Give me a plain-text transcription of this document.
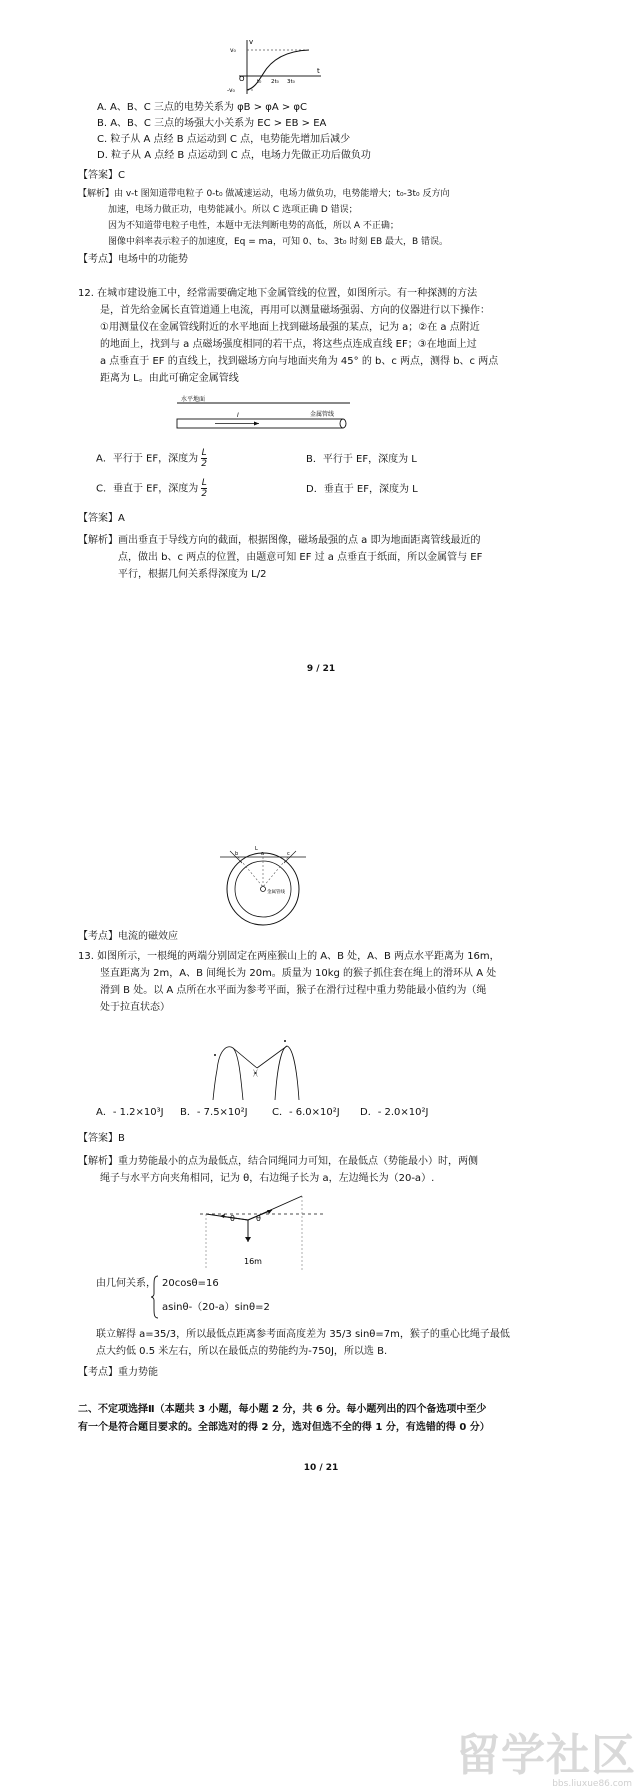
v₀
-v₀
v
t
O t₀ 2t₀ 3t₀
A. A、B、C 三点的电势关系为 φB > φA > φC
B. A、B、C 三点的场强大小关系为 EC > EB > EA
C. 粒子从 A 点经 B 点运动到 C 点，电势能先增加后减少
D. 粒子从 A 点经 B 点运动到 C 点，电场力先做正功后做负功
【答案】C
【解析】由 v-t 图知道带电粒子 0-t₀ 做减速运动，电场力做负功，电势能增大；t₀-3t₀ 反方向
加速，电场力做正功，电势能减小。所以 C 选项正确 D 错误；
因为不知道带电粒子电性，本题中无法判断电势的高低，所以 A 不正确；
图像中斜率表示粒子的加速度，Eq = ma，可知 0、t₀、3t₀ 时刻 EB 最大，B 错误。
【考点】电场中的功能势
12. 在城市建设施工中，经常需要确定地下金属管线的位置，如图所示。有一种探测的方法
是，首先给金属长直管道通上电流，再用可以测量磁场强弱、方向的仪器进行以下操作：
①用测量仪在金属管线附近的水平地面上找到磁场最强的某点，记为 a；②在 a 点附近
的地面上，找到与 a 点磁场强度相同的若干点，将这些点连成直线 EF；③在地面上过
a 点垂直于 EF 的直线上，找到磁场方向与地面夹角为 45° 的 b、c 两点，测得 b、c 两点
距离为 L。由此可确定金属管线
水平地面
金属管线
I
A．平行于 EF，深度为 $\frac{L}{2}$	B．平行于 EF，深度为 L
C．垂直于 EF，深度为 $\frac{L}{2}$	D．垂直于 EF，深度为 L
【答案】A
【解析】画出垂直于导线方向的截面，根据图像，磁场最强的点 a 即为地面距离管线最近的
点，做出 b、c 两点的位置，由题意可知 EF 过 a 点垂直于纸面，所以金属管与 EF
平行，根据几何关系得深度为 L/2
9 / 21
b	a	c
L
金属管线
【考点】电流的磁效应
13. 如图所示，一根绳的两端分别固定在两座猴山上的 A、B 处，A、B 两点水平距离为 16m，
竖直距离为 2m，A、B 间绳长为 20m。质量为 10kg 的猴子抓住套在绳上的滑环从 A 处
滑到 B 处。以 A 点所在水平面为参考平面，猴子在滑行过程中重力势能最小值约为（绳
处于拉直状态）
ᚸ
A．- 1.2×10³J B．- 7.5×10²J C．- 6.0×10²J D．- 2.0×10²J
【答案】B
【解析】重力势能最小的点为最低点，结合同绳同力可知，在最低点（势能最小）时，两侧
绳子与水平方向夹角相同，记为 θ，右边绳子长为 a，左边绳长为（20-a）.
θ	θ
16m
由几何关系， 20cosθ=16
asinθ-（20-a）sinθ=2
联立解得 a=35/3，所以最低点距离参考面高度差为 35/3 sinθ=7m，猴子的重心比绳子最低
点大约低 0.5 米左右，所以在最低点的势能约为-750J，所以选 B.
【考点】重力势能
二、不定项选择Ⅱ（本题共 3 小题，每小题 2 分，共 6 分。每小题列出的四个备选项中至少
有一个是符合题目要求的。全部选对的得 2 分，选对但选不全的得 1 分，有选错的得 0 分）
10 / 21
留学社区
bbs.liuxue86.com
